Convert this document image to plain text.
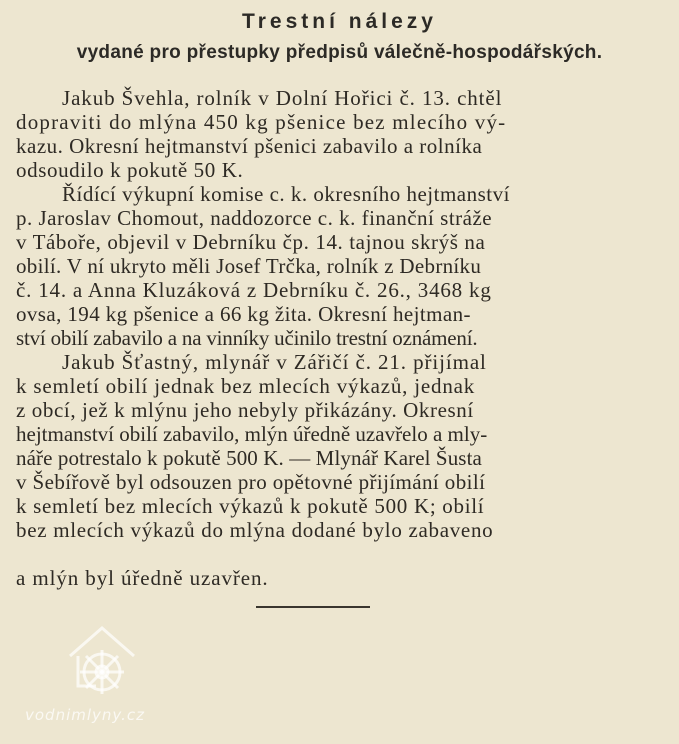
Trestní nálezy
vydané pro přestupky předpisů válečně-hospodářských.
Jakub Švehla, rolník v Dolní Hořici č. 13. chtěl
dopraviti do mlýna 450 kg pšenice bez mlecího vý-
kazu. Okresní hejtmanství pšenici zabavilo a rolníka
odsoudilo k pokutě 50 K.
Řídící výkupní komise c. k. okresního hejtmanství
p. Jaroslav Chomout, naddozorce c. k. finanční stráže
v Táboře, objevil v Debrníku čp. 14. tajnou skrýš na
obilí. V ní ukryto měli Josef Trčka, rolník z Debrníku
č. 14. a Anna Kluzáková z Debrníku č. 26., 3468 kg
ovsa, 194 kg pšenice a 66 kg žita. Okresní hejtman-
ství obilí zabavilo a na vinníky učinilo trestní oznámení.
Jakub Šťastný, mlynář v Zářičí č. 21. přijímal
k semletí obilí jednak bez mlecích výkazů, jednak
z obcí, jež k mlýnu jeho nebyly přikázány. Okresní
hejtmanství obilí zabavilo, mlýn úředně uzavřelo a mly-
náře potrestalo k pokutě 500 K. — Mlynář Karel Šusta
v Šebířově byl odsouzen pro opětovné přijímání obilí
k semletí bez mlecích výkazů k pokutě 500 K; obilí
bez mlecích výkazů do mlýna dodané bylo zabaveno
a mlýn byl úředně uzavřen.
vodnimlyny.cz
